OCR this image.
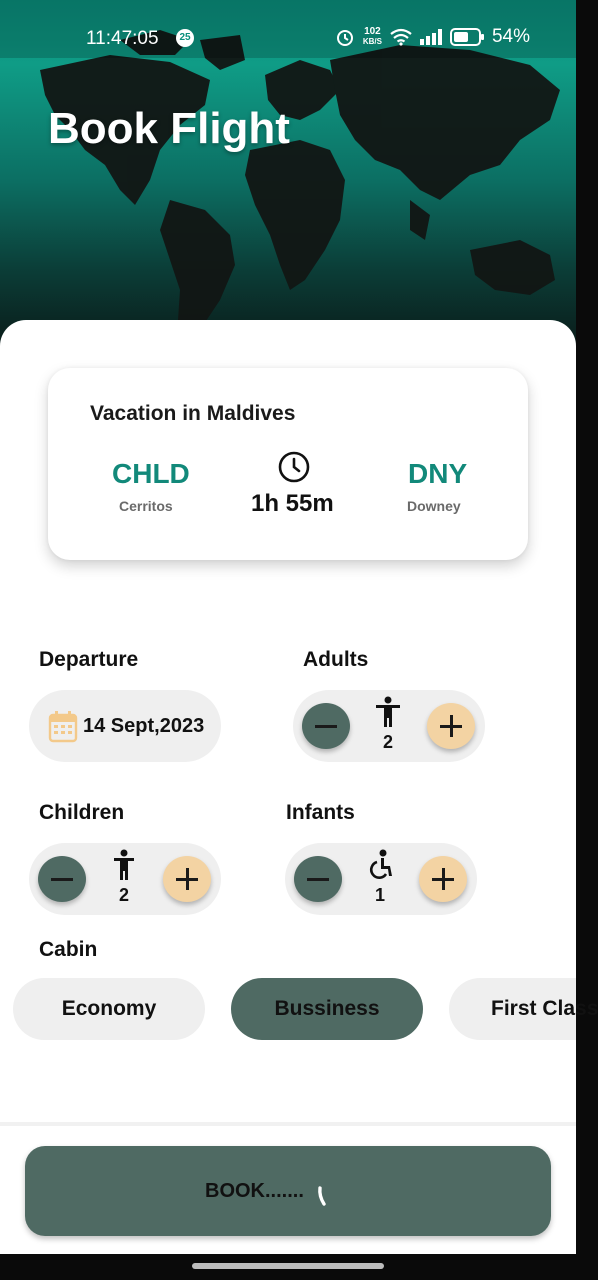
11:47:05	25
102
KB/S	54%
Book Flight
Vacation in Maldives
CHLD
Cerritos	1h 55m
DNY
Downey
Departure
14 Sept,2023
Adults
2
Children
2
Infants
1
Cabin
Economy	Bussiness	First Class
BOOK.......
